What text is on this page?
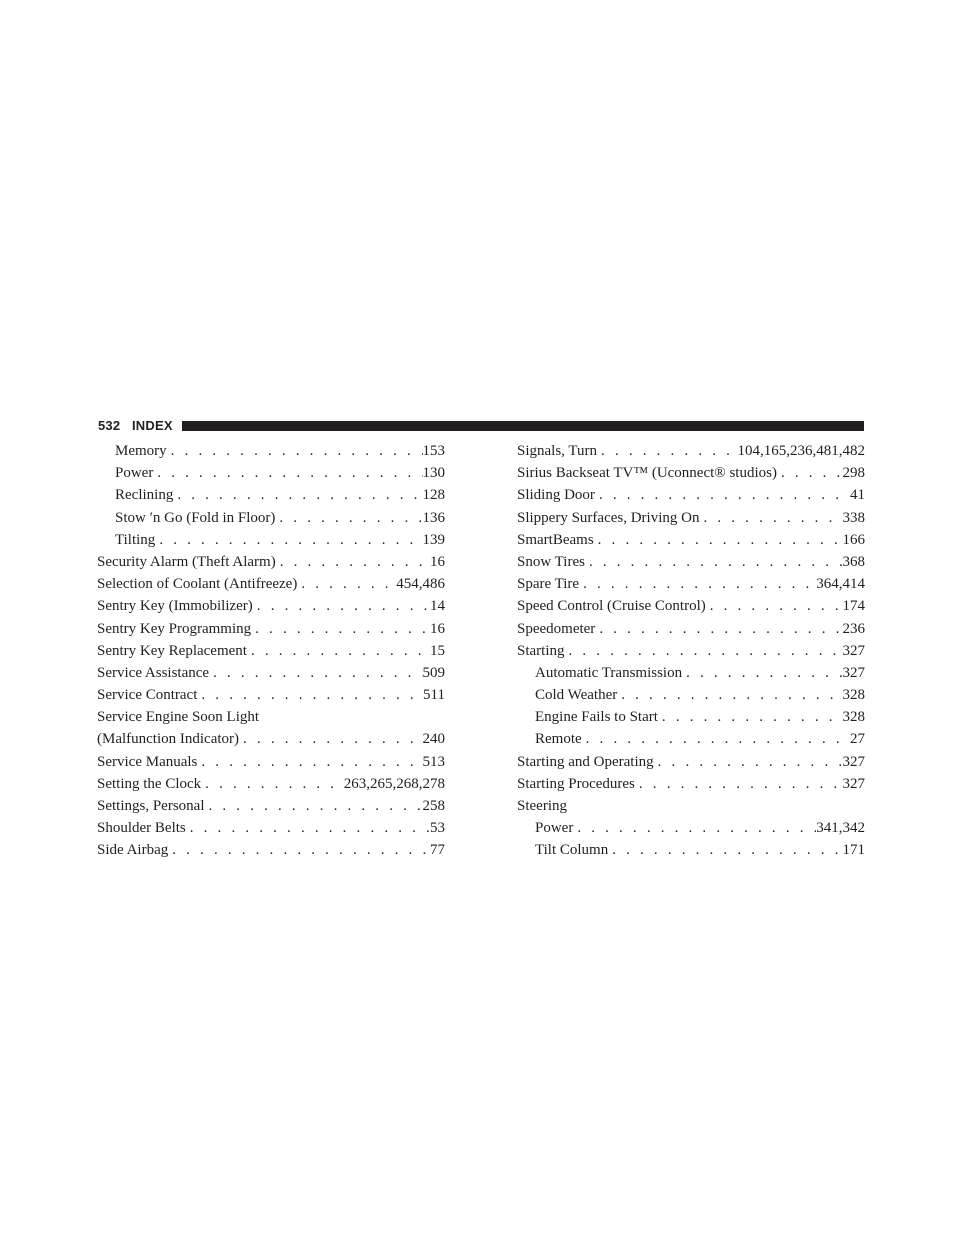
532 INDEX
Memory . . .	153
Power . . .	130
Reclining . . .	128
Stow ′n Go (Fold in Floor) . . .	136
Tilting . . .	139
Security Alarm (Theft Alarm) . . .	16
Selection of Coolant (Antifreeze) . . .	454,486
Sentry Key (Immobilizer) . . .	14
Sentry Key Programming . . .	16
Sentry Key Replacement . . .	15
Service Assistance . . .	509
Service Contract . . .	511
Service Engine Soon Light
(Malfunction Indicator) . . .	240
Service Manuals . . .	513
Setting the Clock . . .	263,265,268,278
Settings, Personal . . .	258
Shoulder Belts . . .	53
Side Airbag . . .	77
Signals, Turn . . .	104,165,236,481,482
Sirius Backseat TV™ (Uconnect® studios) . . .	298
Sliding Door . . .	41
Slippery Surfaces, Driving On . . .	338
SmartBeams . . .	166
Snow Tires . . .	368
Spare Tire . . .	364,414
Speed Control (Cruise Control) . . .	174
Speedometer . . .	236
Starting . . .	327
Automatic Transmission . . .	327
Cold Weather . . .	328
Engine Fails to Start . . .	328
Remote . . .	27
Starting and Operating . . .	327
Starting Procedures . . .	327
Steering
Power . . .	341,342
Tilt Column . . .	171
